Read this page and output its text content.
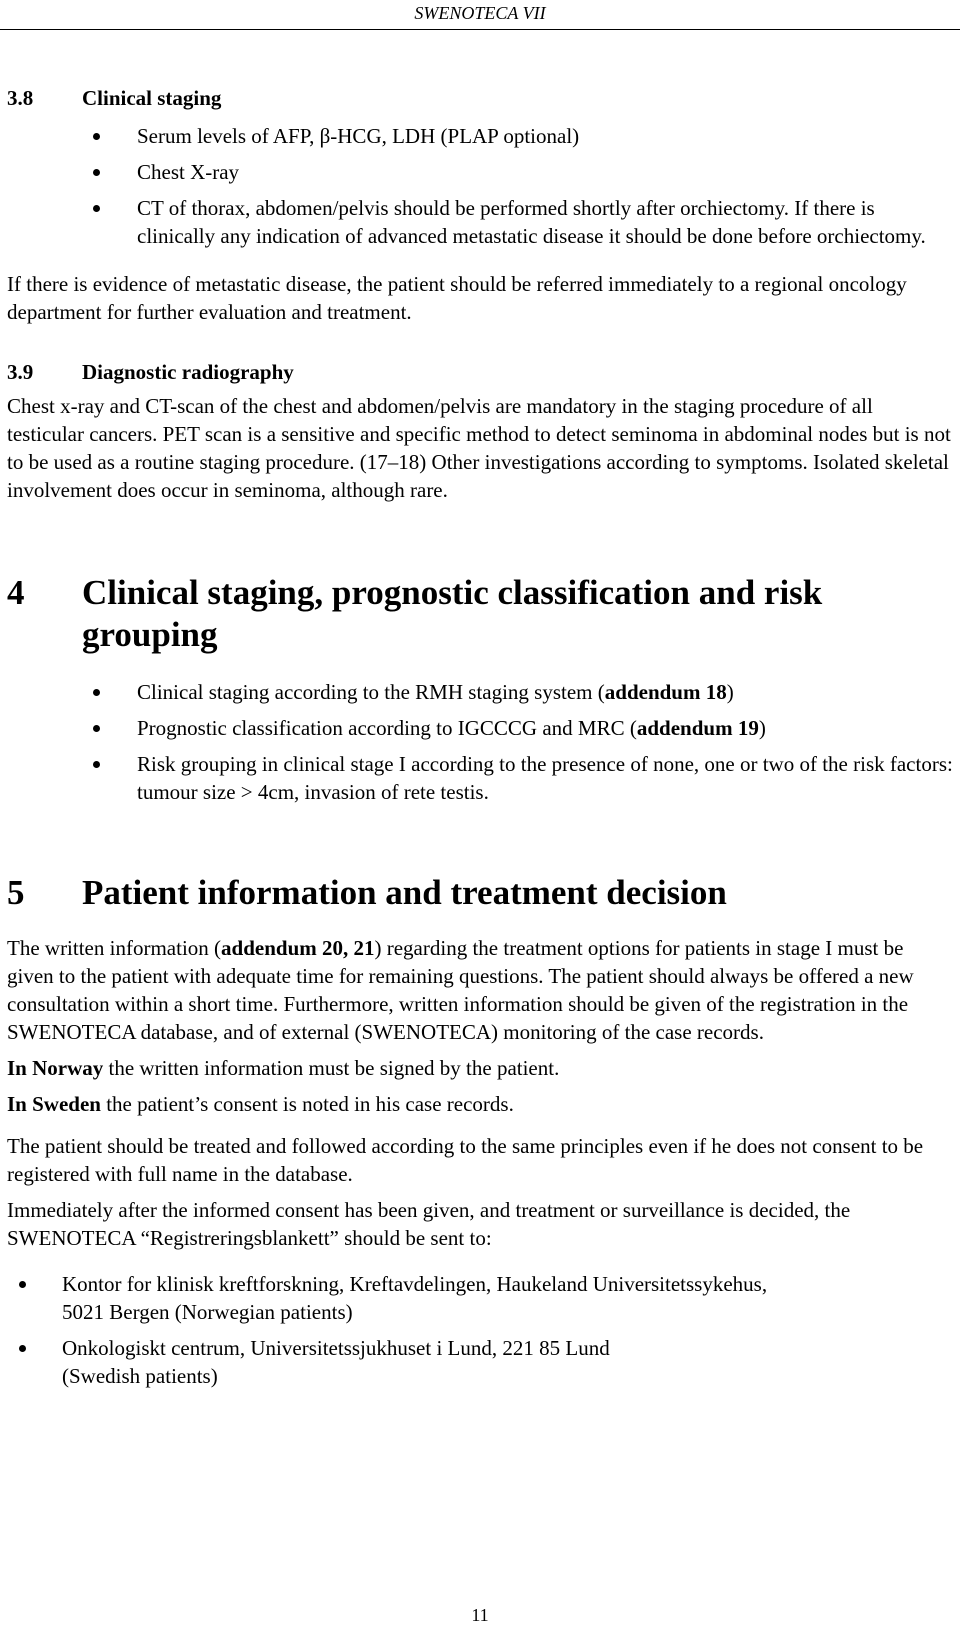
SWENOTECA VII
3.8	Clinical staging
Serum levels of AFP, β-HCG, LDH (PLAP optional)
Chest X-ray
CT of thorax, abdomen/pelvis should be performed shortly after orchiectomy. If there is clinically any indication of advanced metastatic disease it should be done before orchiectomy.

If there is evidence of metastatic disease, the patient should be referred immediately to a regional oncology department for further evaluation and treatment.

3.9	Diagnostic radiography

Chest x-ray and CT-scan of the chest and abdomen/pelvis are mandatory in the staging procedure of all testicular cancers. PET scan is a sensitive and specific method to detect seminoma in abdominal nodes but is not to be used as a routine staging procedure. (17–18) Other investigations according to symptoms. Isolated skeletal involvement does occur in seminoma, although rare.

4	Clinical staging, prognostic classification and risk grouping
Clinical staging according to the RMH staging system (addendum 18)
Prognostic classification according to IGCCCG and MRC (addendum 19)
Risk grouping in clinical stage I according to the presence of none, one or two of the risk factors: tumour size > 4cm, invasion of rete testis.
5	Patient information and treatment decision

The written information (addendum 20, 21) regarding the treatment options for patients in stage I must be given to the patient with adequate time for remaining questions. The patient should always be offered a new consultation within a short time. Furthermore, written information should be given of the registration in the SWENOTECA database, and of external (SWENOTECA) monitoring of the case records.

In Norway the written information must be signed by the patient.

In Sweden the patient’s consent is noted in his case records.

The patient should be treated and followed according to the same principles even if he does not consent to be registered with full name in the database.

Immediately after the informed consent has been given, and treatment or surveillance is decided, the SWENOTECA “Registreringsblankett” should be sent to:

Kontor for klinisk kreftforskning, Kreftavdelingen, Haukeland Universitetssykehus,
5021 Bergen (Norwegian patients)
Onkologiskt centrum, Universitetssjukhuset i Lund, 221 85 Lund
(Swedish patients)
11
